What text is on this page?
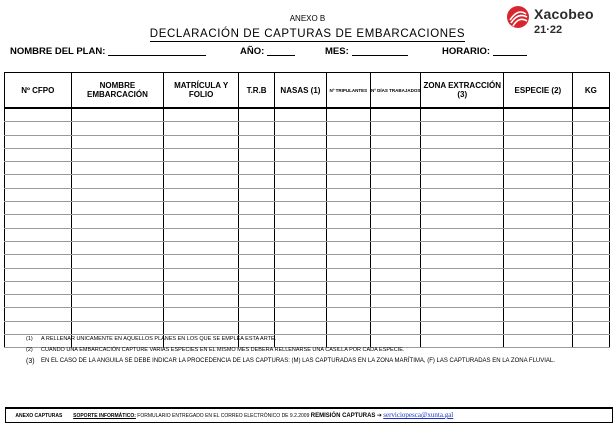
ANEXO B
DECLARACIÓN DE CAPTURAS DE EMBARCACIONES
Xacobeo
21·22
NOMBRE DEL PLAN:	AÑO:	MES:	HORARIO:
Nº CFPO	NOMBRE EMBARCACIÓN	MATRÍCULA Y FOLIO	T.R.B	NASAS (1)	Nº TRIPULANTES	Nº DÍAS TRABAJADOS	ZONA EXTRACCIÓN (3)	ESPECIE (2)	KG

(1) A RELLENAR UNICAMENTE EN AQUELLOS PLANES EN LOS QUE SE EMPLEA ESTA ARTE.
(2) CUANDO UNA EMBARCACIÓN CAPTURE VARIAS ESPECIES EN EL MISMO MES DEBERA RELLENARSE UNA CASILLA POR CADA ESPECIE.
(3) EN EL CASO DE LA ANGUILA SE DEBE INDICAR LA PROCEDENCIA DE LAS CAPTURAS: (M) LAS CAPTURADAS EN LA ZONA MARÍTIMA, (F) LAS CAPTURADAS EN LA ZONA FLUVIAL.
ANEXO CAPTURAS SOPORTE INFORMÁTICO: FORMULARIO ENTREGADO EN EL CORREO ELECTRÓNICO DE 9.2.2009 REMISIÓN CAPTURAS ➔ serviciopesca@xunta.gal
